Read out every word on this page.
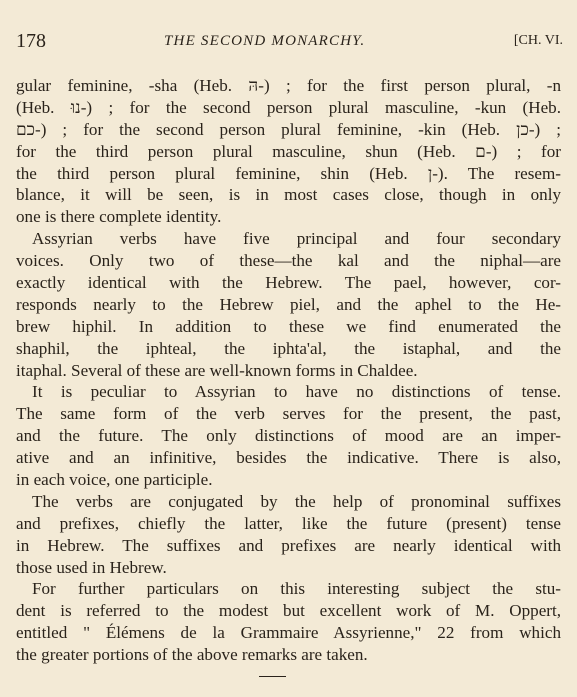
178	THE SECOND MONARCHY.	[CH. VI.
gular feminine, -sha (Heb. הּ-) ; for the first person plural, -n
(Heb. נוּ-) ; for the second person plural masculine, -kun (Heb.
כם-) ; for the second person plural feminine, -kin (Heb. כן-) ;
for the third person plural masculine, shun (Heb. ם-) ; for
the third person plural feminine, shin (Heb. ן-). The resem-
blance, it will be seen, is in most cases close, though in only
one is there complete identity.
Assyrian verbs have five principal and four secondary
voices. Only two of these—the kal and the niphal—are
exactly identical with the Hebrew. The pael, however, cor-
responds nearly to the Hebrew piel, and the aphel to the He-
brew hiphil. In addition to these we find enumerated the
shaphil, the iphteal, the iphta'al, the istaphal, and the
itaphal. Several of these are well-known forms in Chaldee.
It is peculiar to Assyrian to have no distinctions of tense.
The same form of the verb serves for the present, the past,
and the future. The only distinctions of mood are an imper-
ative and an infinitive, besides the indicative. There is also,
in each voice, one participle.
The verbs are conjugated by the help of pronominal suffixes
and prefixes, chiefly the latter, like the future (present) tense
in Hebrew. The suffixes and prefixes are nearly identical with
those used in Hebrew.
For further particulars on this interesting subject the stu-
dent is referred to the modest but excellent work of M. Oppert,
entitled " Élémens de la Grammaire Assyrienne," 22 from which
the greater portions of the above remarks are taken.
